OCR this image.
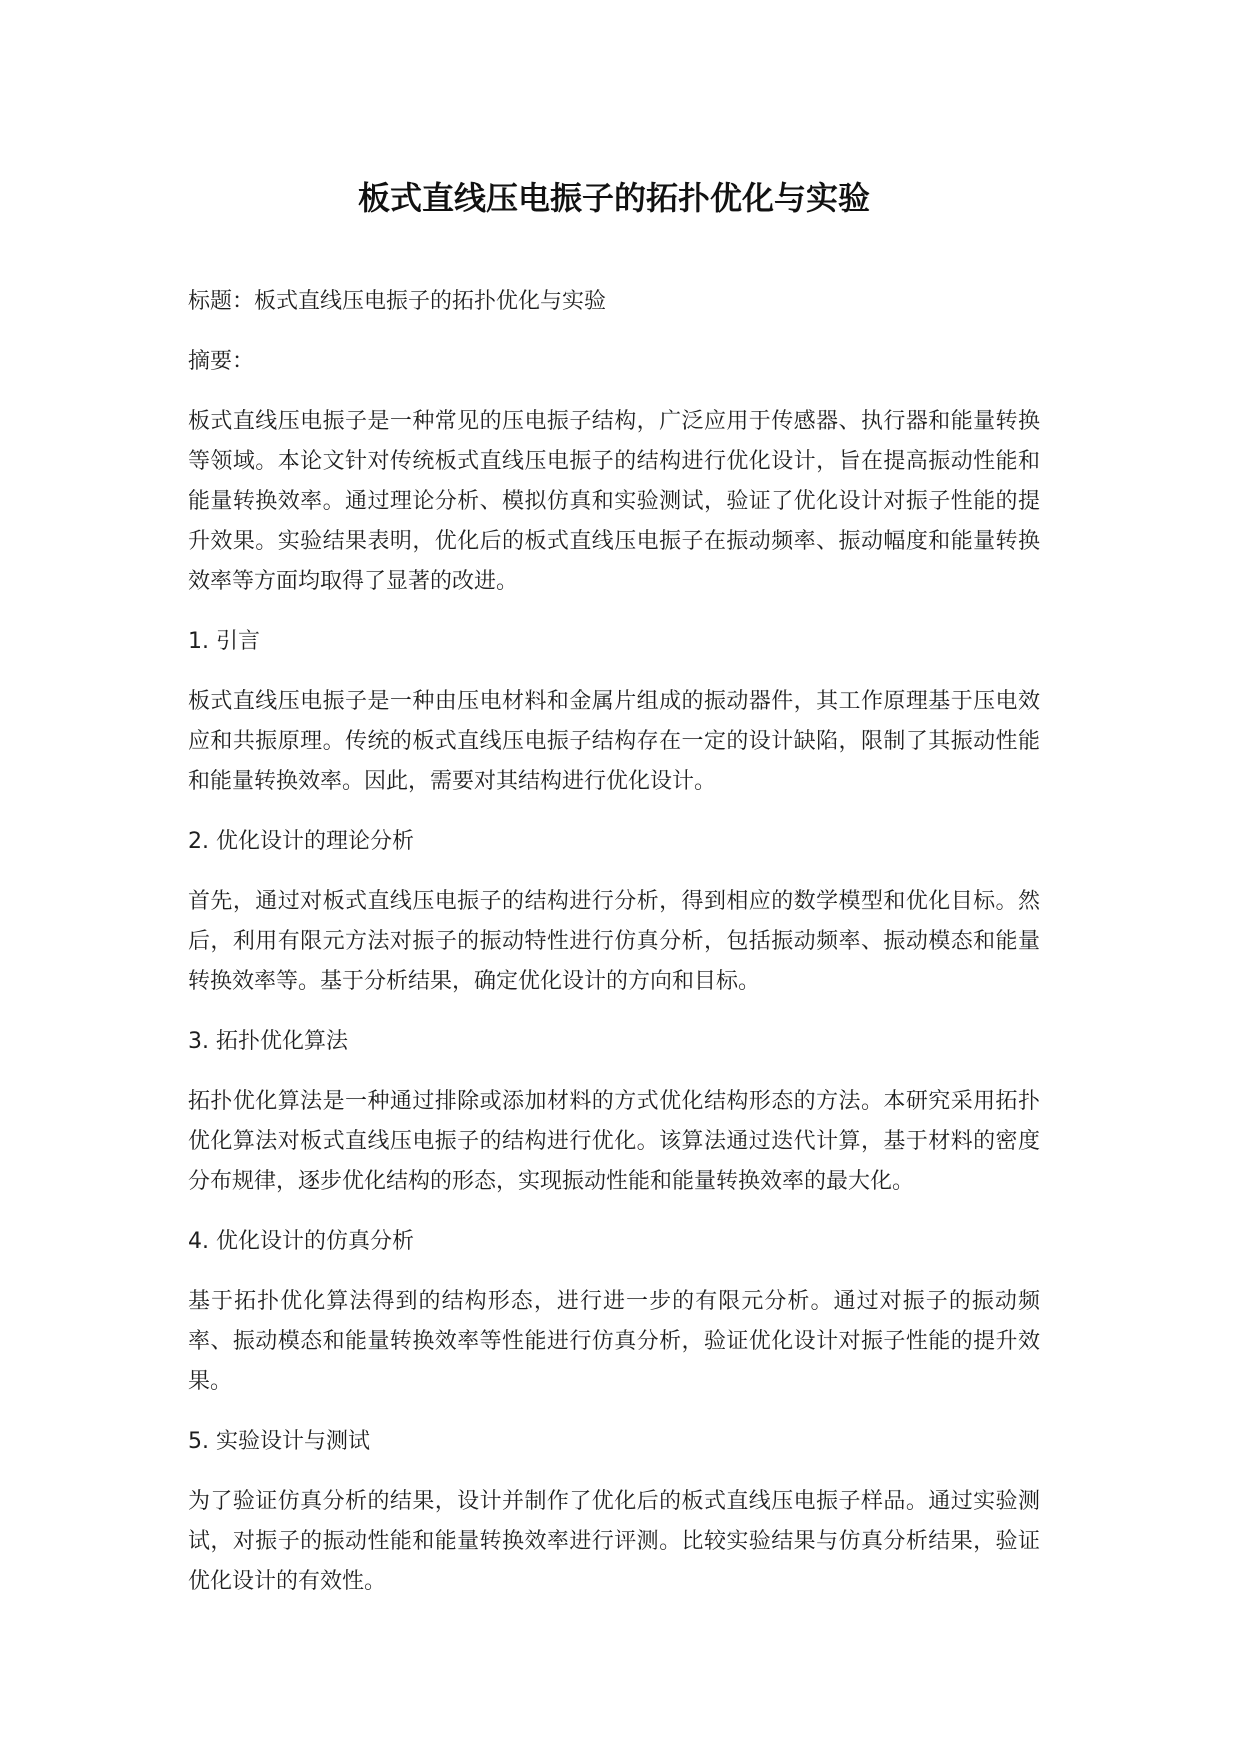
板式直线压电振子的拓扑优化与实验

标题：板式直线压电振子的拓扑优化与实验

摘要：

板式直线压电振子是一种常见的压电振子结构，广泛应用于传感器、执行器和能量转换等领域。本论文针对传统板式直线压电振子的结构进行优化设计，旨在提高振动性能和能量转换效率。通过理论分析、模拟仿真和实验测试，验证了优化设计对振子性能的提升效果。实验结果表明，优化后的板式直线压电振子在振动频率、振动幅度和能量转换效率等方面均取得了显著的改进。

1. 引言

板式直线压电振子是一种由压电材料和金属片组成的振动器件，其工作原理基于压电效应和共振原理。传统的板式直线压电振子结构存在一定的设计缺陷，限制了其振动性能和能量转换效率。因此，需要对其结构进行优化设计。

2. 优化设计的理论分析

首先，通过对板式直线压电振子的结构进行分析，得到相应的数学模型和优化目标。然后，利用有限元方法对振子的振动特性进行仿真分析，包括振动频率、振动模态和能量转换效率等。基于分析结果，确定优化设计的方向和目标。

3. 拓扑优化算法

拓扑优化算法是一种通过排除或添加材料的方式优化结构形态的方法。本研究采用拓扑优化算法对板式直线压电振子的结构进行优化。该算法通过迭代计算，基于材料的密度分布规律，逐步优化结构的形态，实现振动性能和能量转换效率的最大化。

4. 优化设计的仿真分析

基于拓扑优化算法得到的结构形态，进行进一步的有限元分析。通过对振子的振动频率、振动模态和能量转换效率等性能进行仿真分析，验证优化设计对振子性能的提升效果。

5. 实验设计与测试

为了验证仿真分析的结果，设计并制作了优化后的板式直线压电振子样品。通过实验测试，对振子的振动性能和能量转换效率进行评测。比较实验结果与仿真分析结果，验证优化设计的有效性。
